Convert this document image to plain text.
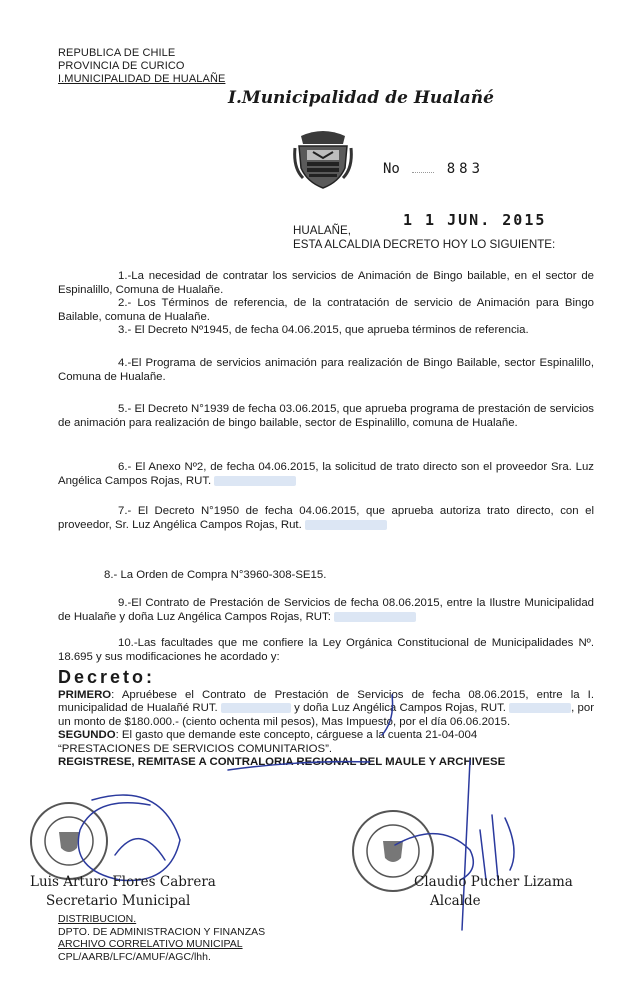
REPUBLICA DE CHILE
PROVINCIA DE CURICO
I.MUNICIPALIDAD DE HUALAÑE
I.Municipalidad de Hualañé
No	883
1 1 JUN. 2015
HUALAÑE,
ESTA ALCALDIA DECRETO HOY LO SIGUIENTE:

1.-La necesidad de contratar los servicios de Animación de Bingo bailable, en el sector de Espinalillo, Comuna de Hualañe.

2.- Los Términos de referencia, de la contratación de servicio de Animación para Bingo Bailable, comuna de Hualañe.

3.- El Decreto Nº1945, de fecha 04.06.2015, que aprueba términos de referencia.

4.-El Programa de servicios animación para realización de Bingo Bailable, sector Espinalillo, Comuna de Hualañe.

5.- El Decreto N°1939 de fecha 03.06.2015, que aprueba programa de prestación de servicios de animación para realización de bingo bailable, sector de Espinalillo, comuna de Hualañe.

6.- El Anexo Nº2, de fecha 04.06.2015, la solicitud de trato directo son el proveedor Sra. Luz Angélica Campos Rojas, RUT.

7.- El Decreto N°1950 de fecha 04.06.2015, que aprueba autoriza trato directo, con el proveedor, Sr. Luz Angélica Campos Rojas, Rut.

8.- La Orden de Compra N°3960-308-SE15.

9.-El Contrato de Prestación de Servicios de fecha 08.06.2015, entre la Ilustre Municipalidad de Hualañe y doña Luz Angélica Campos Rojas, RUT:

10.-Las facultades que me confiere la Ley Orgánica Constitucional de Municipalidades Nº. 18.695 y sus modificaciones he acordado y:

Decreto:

PRIMERO: Apruébese el Contrato de Prestación de Servicios de fecha 08.06.2015, entre la I. municipalidad de Hualañé RUT.	y doña Luz Angélica Campos Rojas, RUT.	, por un monto de $180.000.- (ciento ochenta mil pesos), Mas Impuesto, por el día 06.06.2015.

SEGUNDO: El gasto que demande este concepto, cárguese a la cuenta 21-04-004
“PRESTACIONES DE SERVICIOS COMUNITARIOS”.

REGISTRESE, REMITASE A CONTRALORIA REGIONAL DEL MAULE Y ARCHIVESE

Luis Arturo Flores Cabrera
Secretario Municipal
Claudio Pucher Lizama
Alcalde
DISTRIBUCION.
DPTO. DE ADMINISTRACION Y FINANZAS
ARCHIVO CORRELATIVO MUNICIPAL
CPL/AARB/LFC/AMUF/AGC/lhh.
